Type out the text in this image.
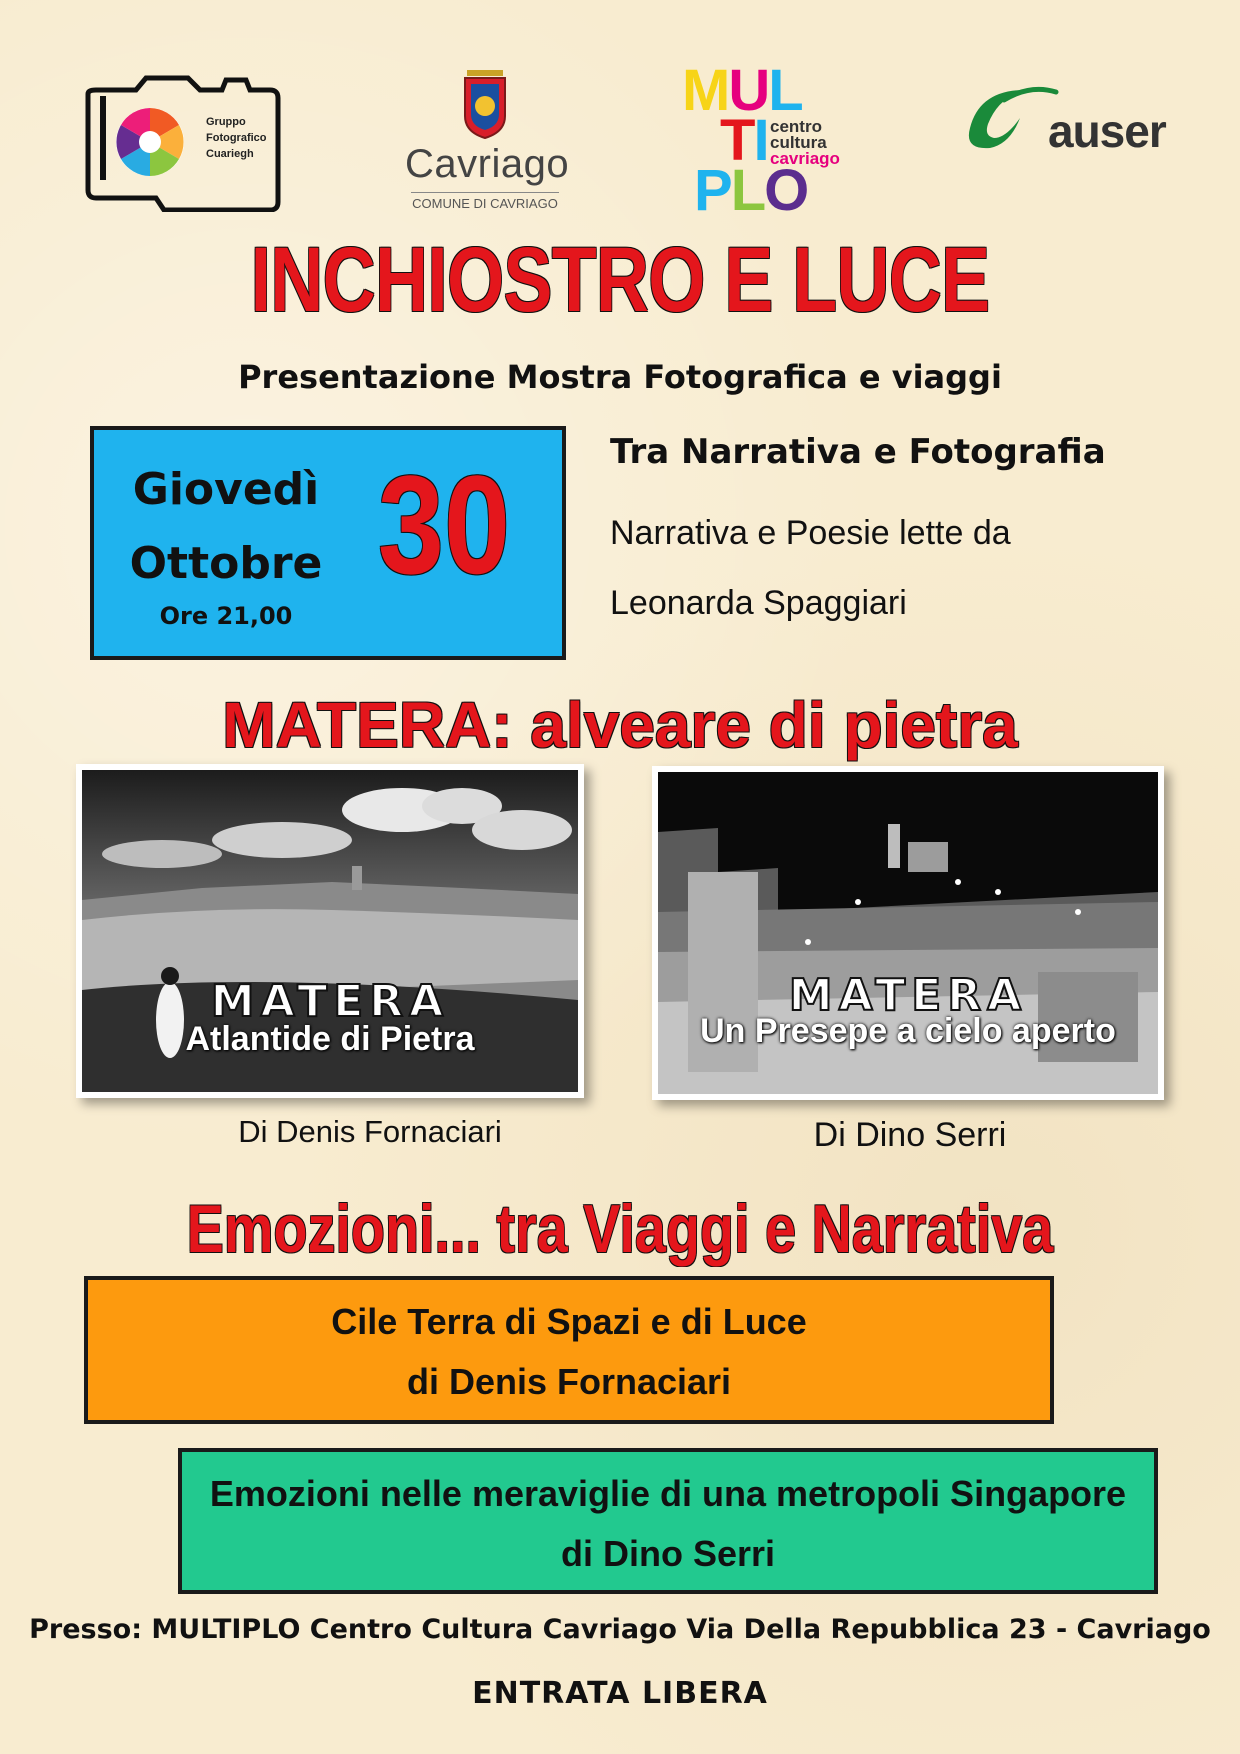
Gruppo
Fotografico
Cuariegh	Cavriago
COMUNE DI CAVRIAGO
MUL
TI
PLO
centro
cultura
cavriago
auser
INCHIOSTRO E LUCE
Presentazione Mostra Fotografica e viaggi
Giovedì
Ottobre
Ore 21,00
30	Tra Narrativa e Fotografia
Narrativa e Poesie lette da
Leonarda Spaggiari
MATERA: alveare di pietra
MATERA
Atlantide di Pietra
Di Denis Fornaciari
MATERA
Un Presepe a cielo aperto
Di Dino Serri
Emozioni... tra Viaggi e Narrativa
Cile Terra di Spazi e di Luce
di Denis Fornaciari
Emozioni nelle meraviglie di una metropoli Singapore
di Dino Serri
Presso: MULTIPLO Centro Cultura Cavriago Via Della Repubblica 23 - Cavriago
ENTRATA LIBERA
